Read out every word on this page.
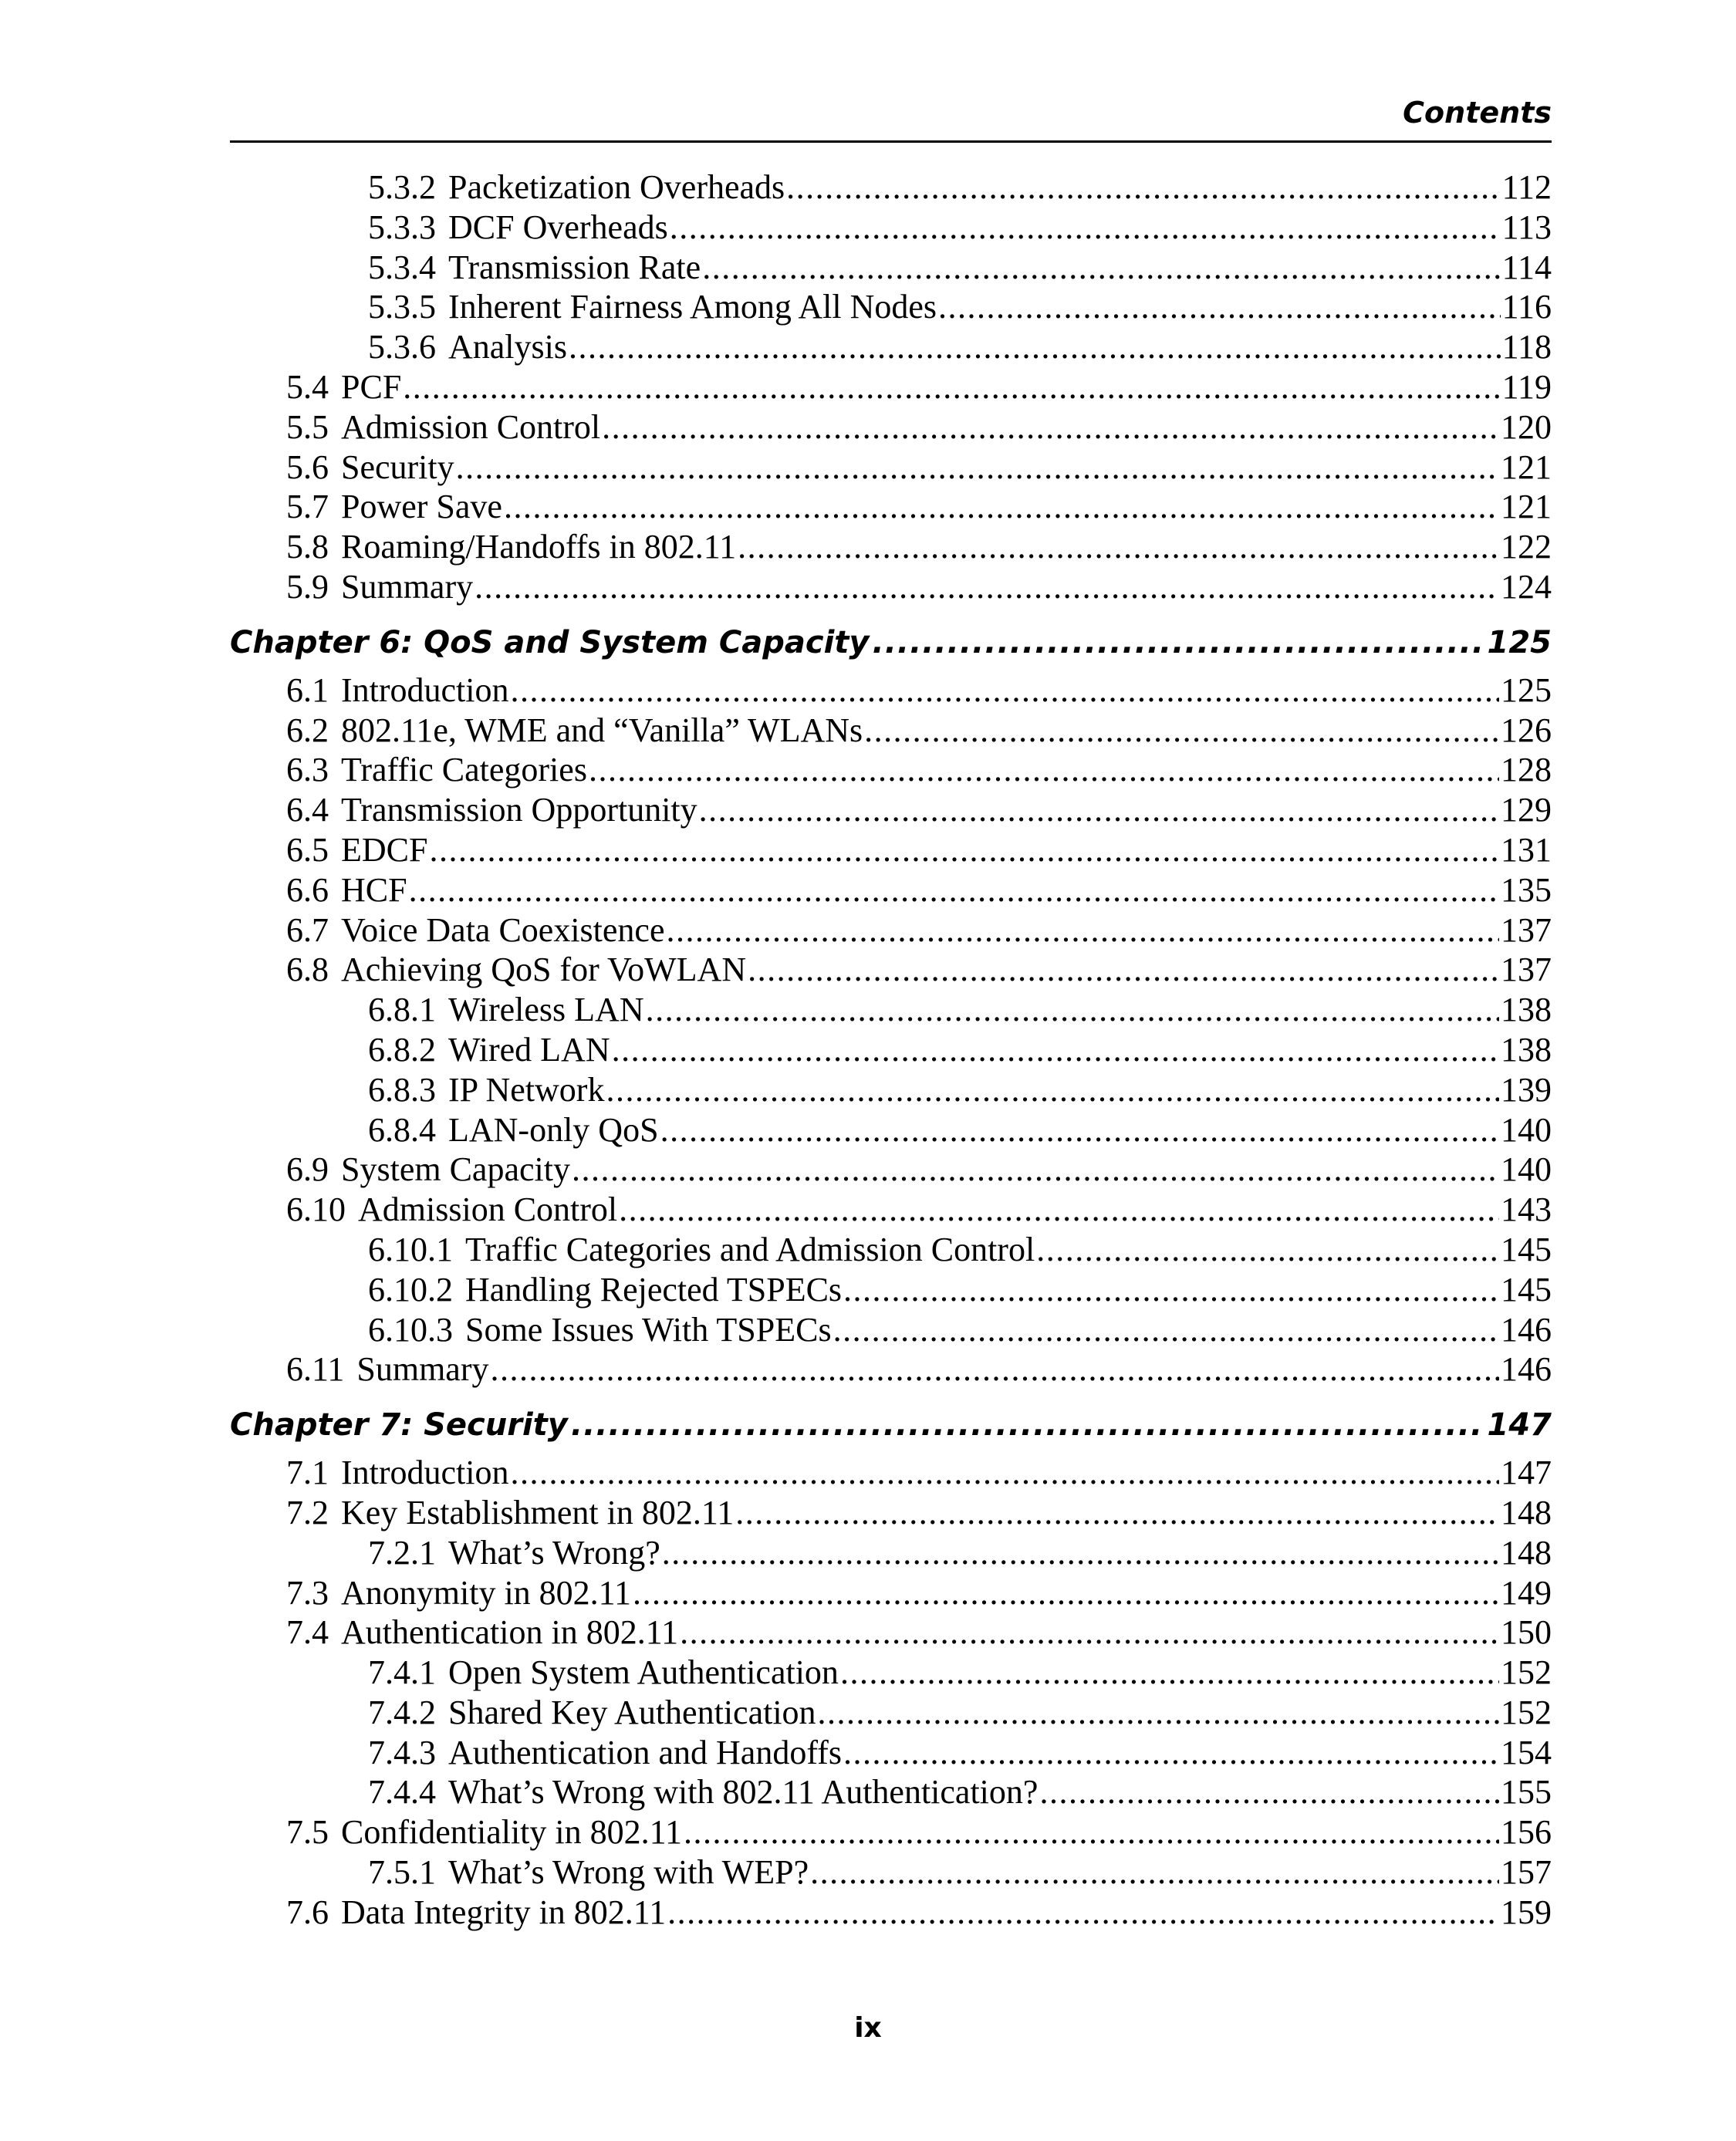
Contents
5.3.2 Packetization Overheads .....	112
5.3.3 DCF Overheads .....	113
5.3.4 Transmission Rate .....	114
5.3.5 Inherent Fairness Among All Nodes .....	116
5.3.6 Analysis .....	118
5.4 PCF .....	119
5.5 Admission Control .....	120
5.6 Security .....	121
5.7 Power Save .....	121
5.8 Roaming/Handoffs in 802.11 .....	122
5.9 Summary .....	124
Chapter 6: QoS and System Capacity .....	125
6.1 Introduction .....	125
6.2 802.11e, WME and “Vanilla” WLANs .....	126
6.3 Traffic Categories .....	128
6.4 Transmission Opportunity .....	129
6.5 EDCF .....	131
6.6 HCF .....	135
6.7 Voice Data Coexistence .....	137
6.8 Achieving QoS for VoWLAN .....	137
6.8.1 Wireless LAN .....	138
6.8.2 Wired LAN .....	138
6.8.3 IP Network .....	139
6.8.4 LAN-only QoS .....	140
6.9 System Capacity .....	140
6.10 Admission Control .....	143
6.10.1 Traffic Categories and Admission Control .....	145
6.10.2 Handling Rejected TSPECs .....	145
6.10.3 Some Issues With TSPECs .....	146
6.11 Summary .....	146
Chapter 7: Security .....	147
7.1 Introduction .....	147
7.2 Key Establishment in 802.11 .....	148
7.2.1 What’s Wrong? .....	148
7.3 Anonymity in 802.11 .....	149
7.4 Authentication in 802.11 .....	150
7.4.1 Open System Authentication .....	152
7.4.2 Shared Key Authentication .....	152
7.4.3 Authentication and Handoffs .....	154
7.4.4 What’s Wrong with 802.11 Authentication? .....	155
7.5 Confidentiality in 802.11 .....	156
7.5.1 What’s Wrong with WEP? .....	157
7.6 Data Integrity in 802.11 .....	159
ix
